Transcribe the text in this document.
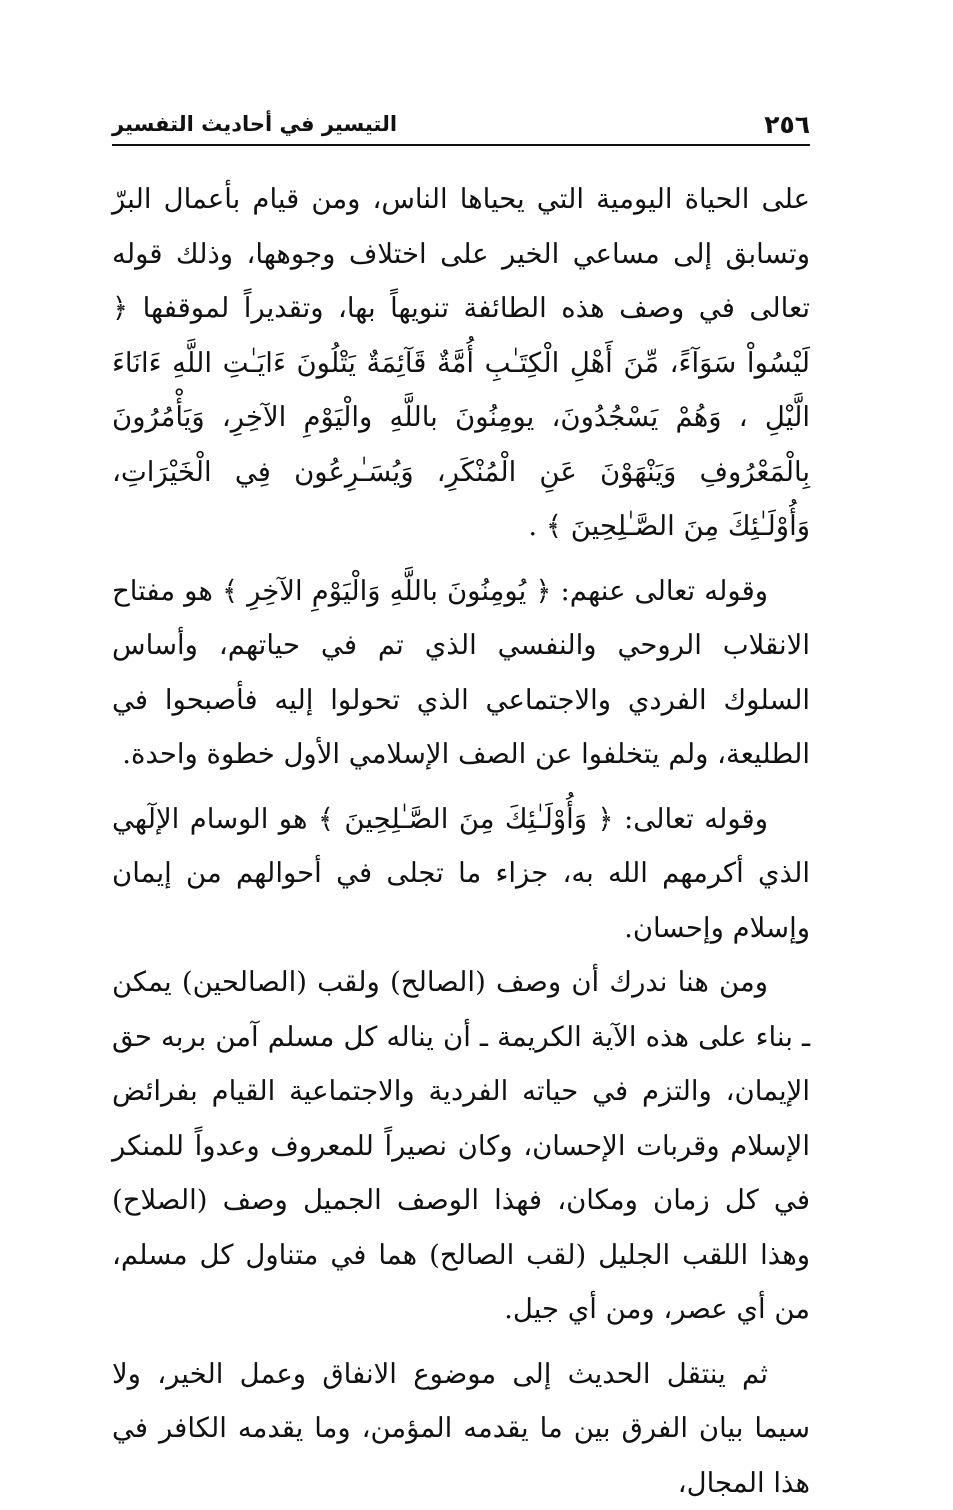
٢٥٦
التيسير في أحاديث التفسير

على الحياة اليومية التي يحياها الناس، ومن قيام بأعمال البرّ وتسابق إلى مساعي الخير على اختلاف وجوهها، وذلك قوله تعالى في وصف هذه الطائفة تنويهاً بها، وتقديراً لموقفها ﴿ لَيْسُواْ سَوَآءً، مِّنَ أَهْلِ الْكِتَـٰبِ أُمَّةٌ قَآئِمَةٌ يَتْلُونَ ءَايَـٰتِ اللَّهِ ءَانَاءَ الَّيْلِ ، وَهُمْ يَسْجُدُونَ، يومِنُونَ باللَّهِ والْيَوْمِ الآخِرِ، وَيَأْمُرُونَ بِالْمَعْرُوفِ وَيَنْهَوْنَ عَنِ الْمُنْكَرِ، وَيُسَـٰرِعُون فِي الْخَيْرَاتِ، وَأُوْلَـٰئِكَ مِنَ الصَّـٰلِحِينَ ﴾ .

وقوله تعالى عنهم: ﴿ يُومِنُونَ باللَّهِ وَالْيَوْمِ الآخِرِ ﴾ هو مفتاح الانقلاب الروحي والنفسي الذي تم في حياتهم، وأساس السلوك الفردي والاجتماعي الذي تحولوا إليه فأصبحوا في الطليعة، ولم يتخلفوا عن الصف الإسلامي الأول خطوة واحدة.

وقوله تعالى: ﴿ وَأُوْلَـٰئِكَ مِنَ الصَّـٰلِحِينَ ﴾ هو الوسام الإلٓهي الذي أكرمهم الله به، جزاء ما تجلى في أحوالهم من إيمان وإسلام وإحسان.

ومن هنا ندرك أن وصف (الصالح) ولقب (الصالحين) يمكن ـ بناء على هذه الآية الكريمة ـ أن يناله كل مسلم آمن بربه حق الإيمان، والتزم في حياته الفردية والاجتماعية القيام بفرائض الإسلام وقربات الإحسان، وكان نصيراً للمعروف وعدواً للمنكر في كل زمان ومكان، فهذا الوصف الجميل وصف (الصلاح) وهذا اللقب الجليل (لقب الصالح) هما في متناول كل مسلم، من أي عصر، ومن أي جيل.

ثم ينتقل الحديث إلى موضوع الانفاق وعمل الخير، ولا سيما بيان الفرق بين ما يقدمه المؤمن، وما يقدمه الكافر في هذا المجال،
